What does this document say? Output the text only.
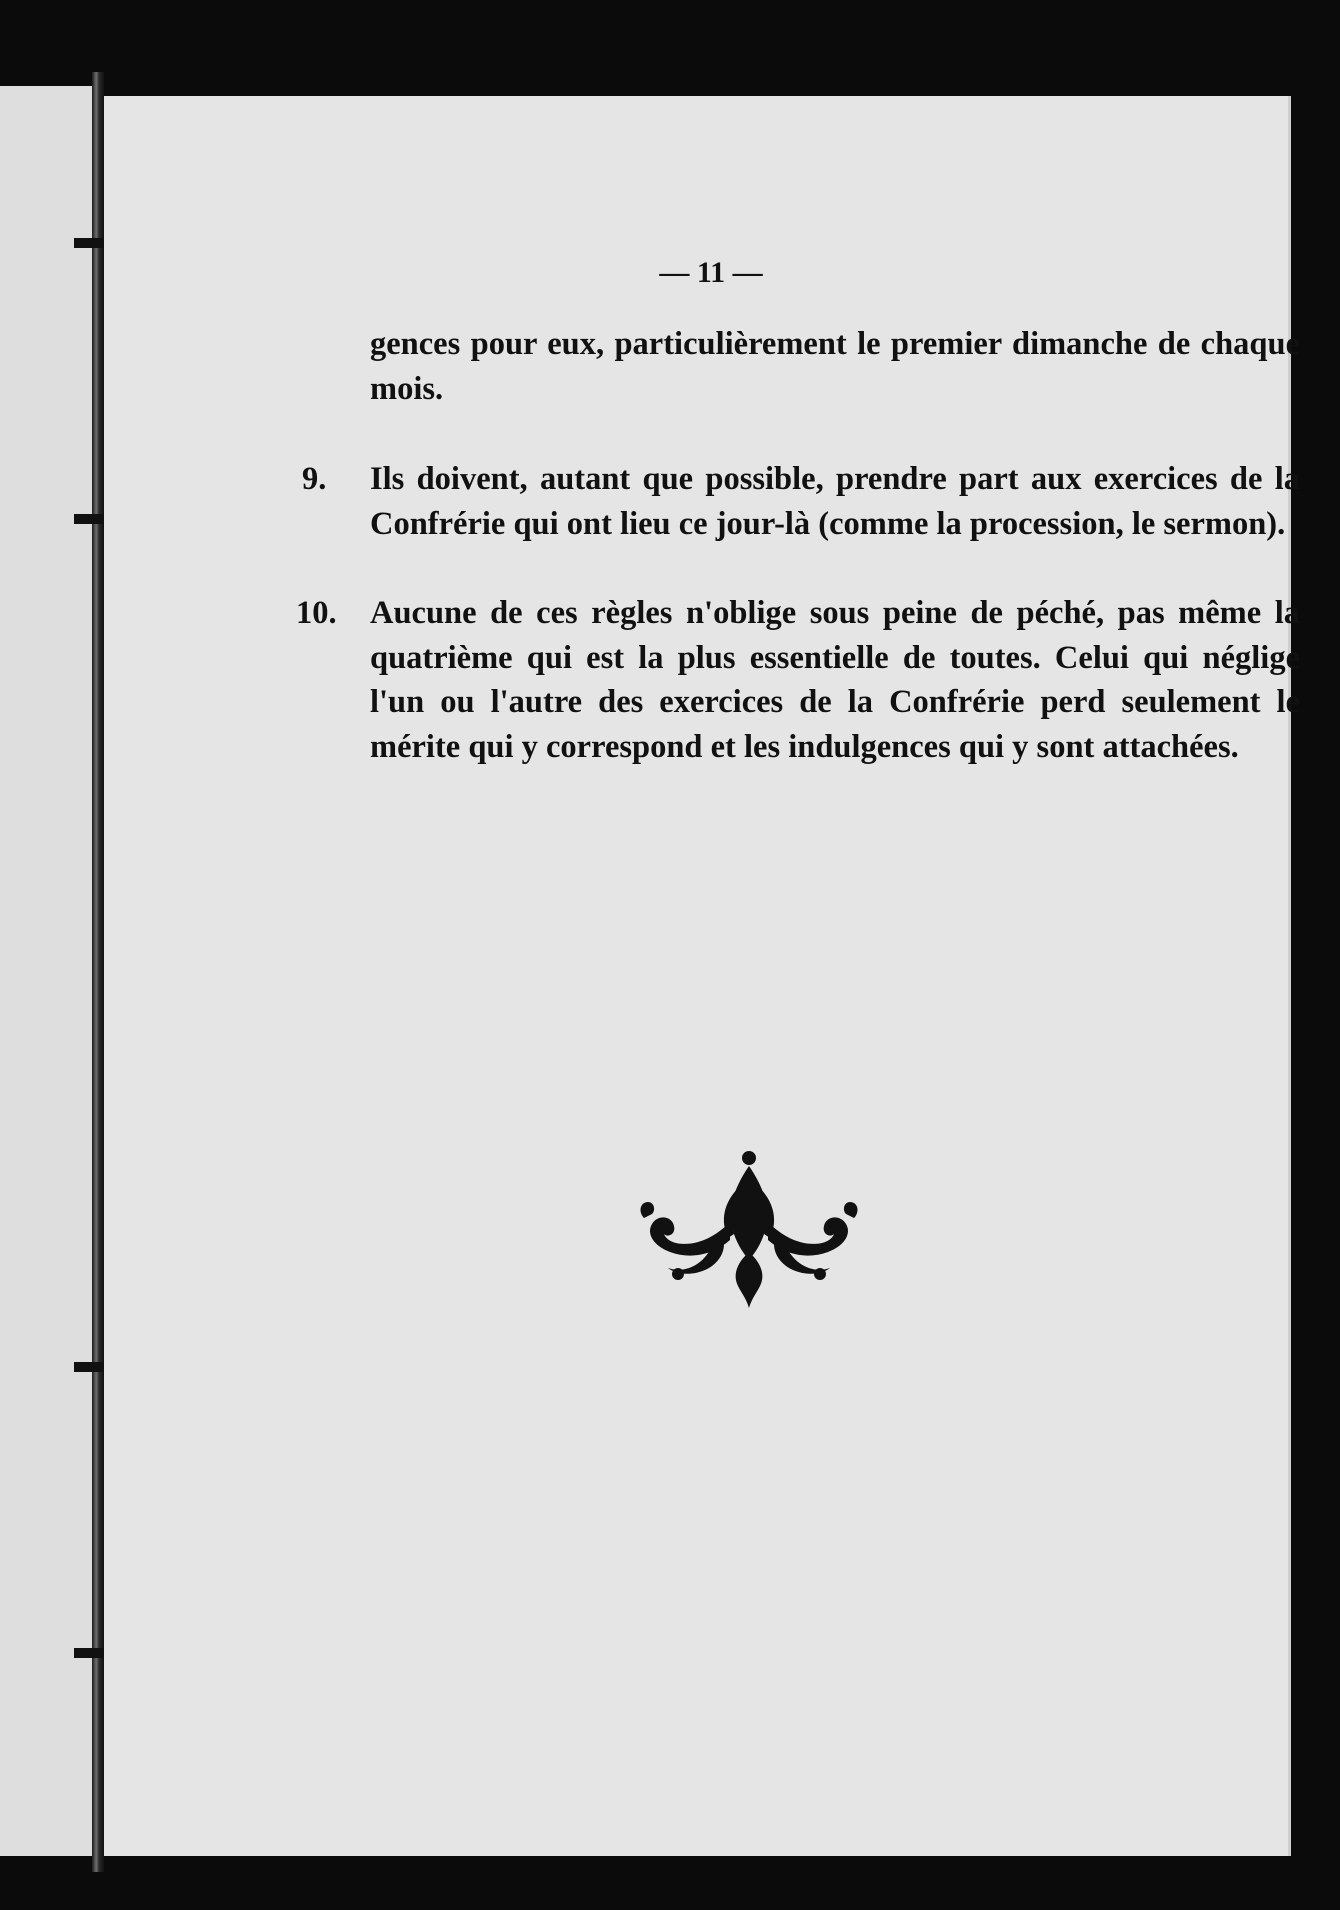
— 11 —

gences pour eux, particulièrement le premier dimanche de chaque mois.

9. Ils doivent, autant que possible, prendre part aux exercices de la Confrérie qui ont lieu ce jour-là (comme la procession, le sermon).
10. Aucune de ces règles n'oblige sous peine de péché, pas même la quatrième qui est la plus essentielle de toutes. Celui qui néglige l'un ou l'autre des exercices de la Confrérie perd seulement le mérite qui y correspond et les indulgences qui y sont attachées.
